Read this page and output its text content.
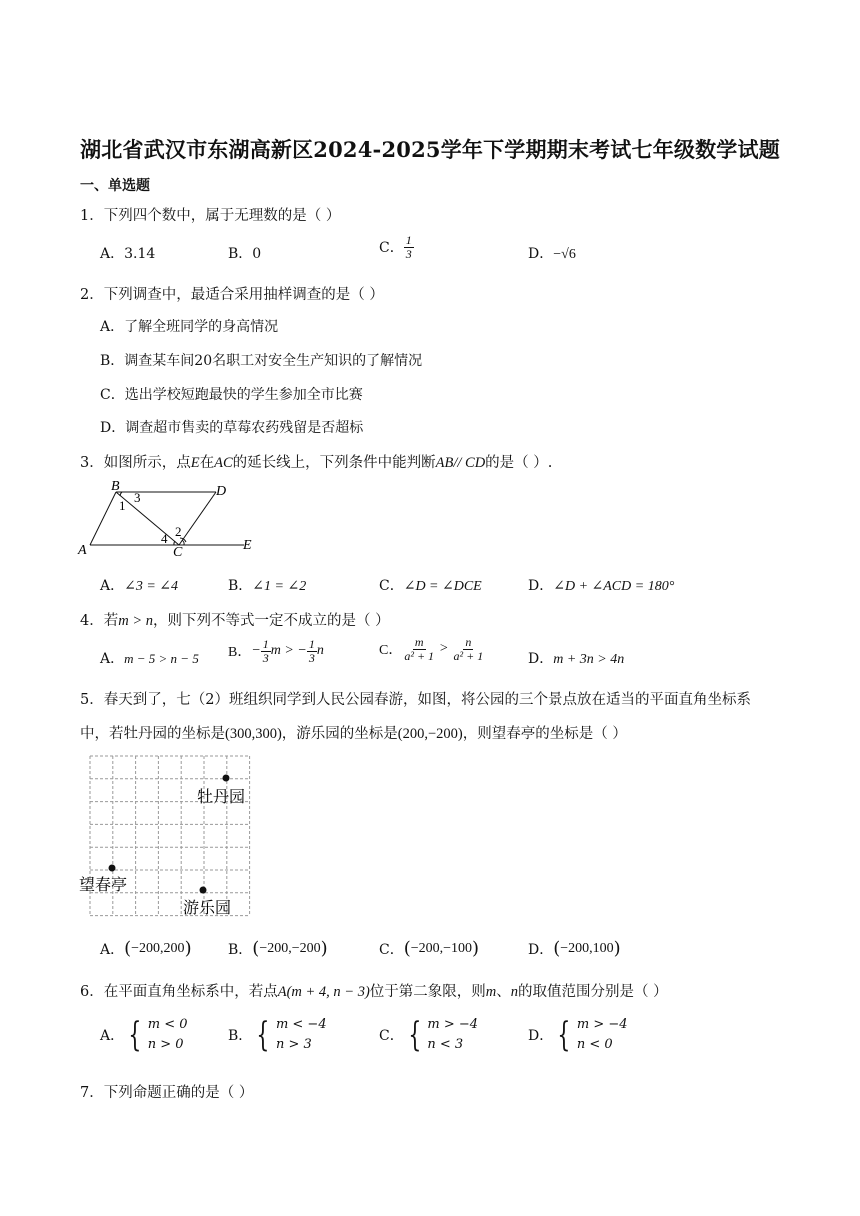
湖北省武汉市东湖高新区2024-2025学年下学期期末考试七年级数学试题
一、单选题
1．下列四个数中，属于无理数的是（ ）
A．3.14	B．0	C． $\frac{1}{3}$	D．−√6
2．下列调查中，最适合采用抽样调查的是（ ）
A．了解全班同学的身高情况
B．调查某车间20名职工对安全生产知识的了解情况
C．选出学校短跑最快的学生参加全市比赛
D．调查超市售卖的草莓农药残留是否超标
3．如图所示，点E在AC的延长线上，下列条件中能判断AB// CD的是（ ）.
B	D
A	C	E
1
2
3
4
A．∠3 = ∠4	B．∠1 = ∠2	C．∠D = ∠DCE	D．∠D + ∠ACD = 180°
4．若m > n，则下列不等式一定不成立的是（ ）
A．m − 5 > n − 5 B． − $\frac{1}{3}$ m > − $\frac{1}{3}$ n	C． $\frac{m}{\text{a² + 1}} > \frac{n}{\text{a² + 1}}$	D．m + 3n > 4n
5．春天到了，七（2）班组织同学到人民公园春游，如图，将公园的三个景点放在适当的平面直角坐标系
中，若牡丹园的坐标是(300,300)，游乐园的坐标是(200,−200)，则望春亭的坐标是（ ）
牡丹园
望春亭
游乐园
A． ( −200,200 )	B． ( −200,−200 )	C． ( −200,−100 )	D． ( −200,100 )
6．在平面直角坐标系中，若点A(m + 4, n − 3)位于第二象限，则m、n的取值范围分别是（ ）
A． { m < 0
n > 0
B． { m < −4
n > 3
C． { m > −4
n < 3
D． { m > −4
n < 0
7．下列命题正确的是（ ）
